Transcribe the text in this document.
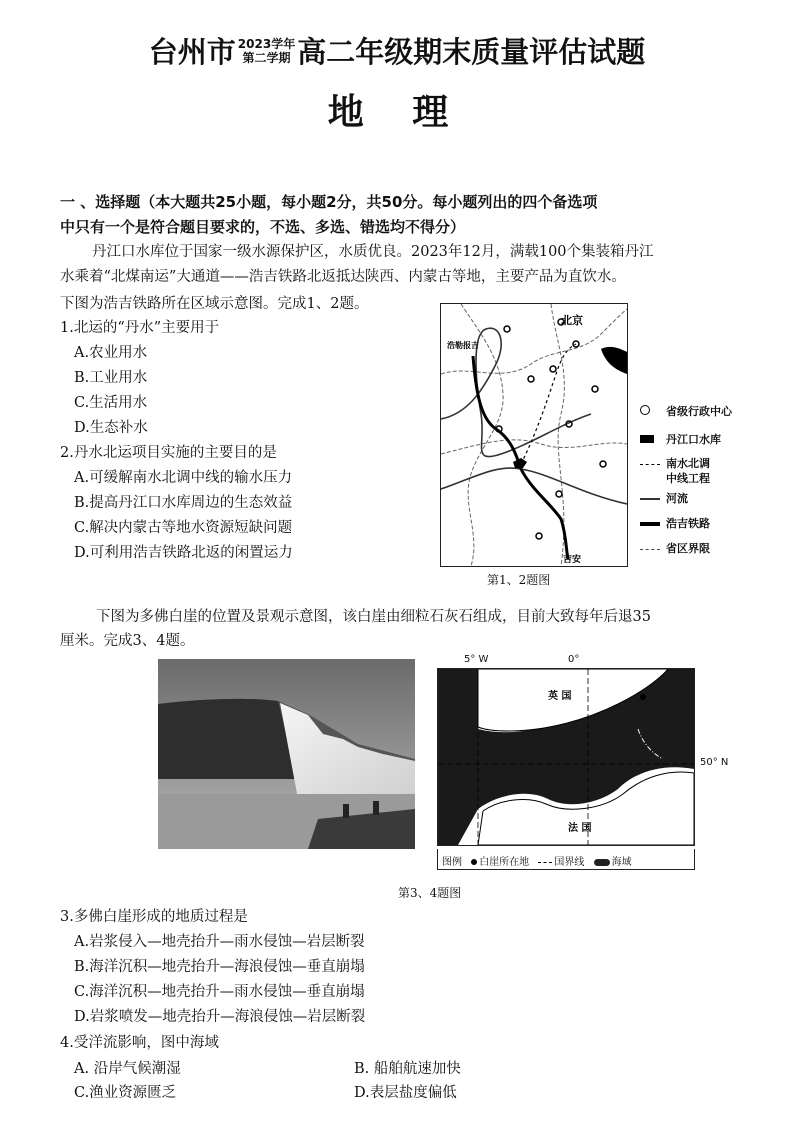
台州市 2023学年
第二学期 高二年级期末质量评估试题
地 理
一 、选择题（本大题共25小题，每小题2分，共50分。每小题列出的四个备选项
中只有一个是符合题目要求的，不选、多选、错选均不得分）
丹江口水库位于国家一级水源保护区，水质优良。2023年12月，满载100个集装箱丹江
水乘着“北煤南运”大通道——浩吉铁路北返抵达陕西、内蒙古等地，主要产品为直饮水。
下图为浩吉铁路所在区域示意图。完成1、2题。
1.北运的“丹水”主要用于
A.农业用水
B.工业用水
C.生活用水
D.生态补水
2.丹水北运项目实施的主要目的是
A.可缓解南水北调中线的输水压力
B.提高丹江口水库周边的生态效益
C.解决内蒙古等地水资源短缺问题
D.可利用浩吉铁路北返的闲置运力
北京
浩勒报吉
吉安
省级行政中心
丹江口水库
南水北调
中线工程
河流
浩吉铁路
省区界限
第1、2题图
下图为多佛白崖的位置及景观示意图，该白崖由细粒石灰石组成，目前大致每年后退35
厘米。完成3、4题。
英 国
法 国
5° W	0°
50° N
图例 白崖所在地	国界线	海域
第3、4题图
3.多佛白崖形成的地质过程是
A.岩浆侵入—地壳抬升—雨水侵蚀—岩层断裂
B.海洋沉积—地壳抬升—海浪侵蚀—垂直崩塌
C.海洋沉积—地壳抬升—雨水侵蚀—垂直崩塌
D.岩浆喷发—地壳抬升—海浪侵蚀—岩层断裂
4.受洋流影响，图中海域
A. 沿岸气候潮湿	B. 船舶航速加快
C.渔业资源匮乏	D.表层盐度偏低
